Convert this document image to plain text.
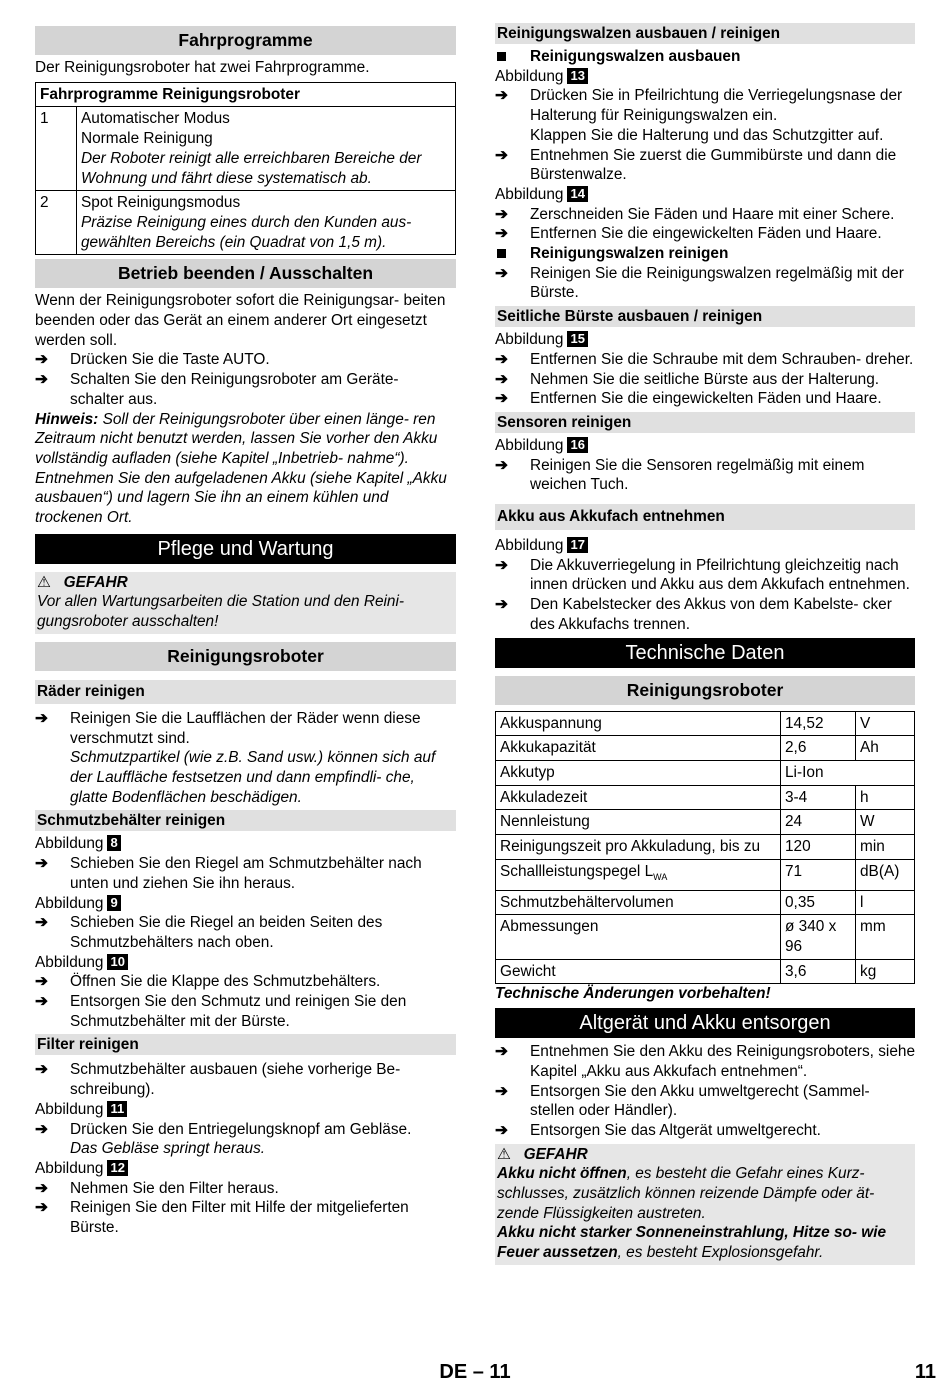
Fahrprogramme

Der Reinigungsroboter hat zwei Fahrprogramme.

Fahrprogramme Reinigungsroboter	
1	Automatischer Modus
Normale Reinigung
Der Roboter reinigt alle erreichbaren Bereiche der Wohnung und fährt diese systematisch ab.

2	Spot Reinigungsmodus
Präzise Reinigung eines durch den Kunden aus- gewählten Bereichs (ein Quadrat von 1,5 m).
Betrieb beenden / Ausschalten

Wenn der Reinigungsroboter sofort die Reinigungsar- beiten beenden oder das Gerät an einem anderer Ort eingesetzt werden soll.

➔ Drücken Sie die Taste AUTO.
➔ Schalten Sie den Reinigungsroboter am Geräte- schalter aus.

Hinweis: Soll der Reinigungsroboter über einen länge- ren Zeitraum nicht benutzt werden, lassen Sie vorher den Akku vollständig aufladen (siehe Kapitel „Inbetrieb- nahme“).

Entnehmen Sie den aufgeladenen Akku (siehe Kapitel „Akku ausbauen“) und lagern Sie ihn an einem kühlen und trockenen Ort.

Pflege und Wartung
⚠ GEFAHR
Vor allen Wartungsarbeiten die Station und den Reini- gungsroboter ausschalten!
Reinigungsroboter
Räder reinigen
➔ Reinigen Sie die Laufflächen der Räder wenn diese verschmutzt sind.
Schmutzpartikel (wie z.B. Sand usw.) können sich auf der Lauffläche festsetzen und dann empfindli- che, glatte Bodenflächen beschädigen.
Schmutzbehälter reinigen
Abbildung 8
➔ Schieben Sie den Riegel am Schmutzbehälter nach unten und ziehen Sie ihn heraus.
Abbildung 9
➔ Schieben Sie die Riegel an beiden Seiten des Schmutzbehälters nach oben.
Abbildung 10
➔ Öffnen Sie die Klappe des Schmutzbehälters.
➔ Entsorgen Sie den Schmutz und reinigen Sie den Schmutzbehälter mit der Bürste.
Filter reinigen
➔ Schmutzbehälter ausbauen (siehe vorherige Be- schreibung).
Abbildung 11
➔ Drücken Sie den Entriegelungsknopf am Gebläse.
Das Gebläse springt heraus.
Abbildung 12
➔ Nehmen Sie den Filter heraus.
➔ Reinigen Sie den Filter mit Hilfe der mitgelieferten Bürste.
Reinigungswalzen ausbauen / reinigen
Reinigungswalzen ausbauen
Abbildung 13
➔ Drücken Sie in Pfeilrichtung die Verriegelungsnase der Halterung für Reinigungswalzen ein.
Klappen Sie die Halterung und das Schutzgitter auf.
➔ Entnehmen Sie zuerst die Gummibürste und dann die Bürstenwalze.
Abbildung 14
➔ Zerschneiden Sie Fäden und Haare mit einer Schere.
➔ Entfernen Sie die eingewickelten Fäden und Haare.
Reinigungswalzen reinigen
➔ Reinigen Sie die Reinigungswalzen regelmäßig mit der Bürste.
Seitliche Bürste ausbauen / reinigen
Abbildung 15
➔ Entfernen Sie die Schraube mit dem Schrauben- dreher.
➔ Nehmen Sie die seitliche Bürste aus der Halterung.
➔ Entfernen Sie die eingewickelten Fäden und Haare.
Sensoren reinigen
Abbildung 16
➔ Reinigen Sie die Sensoren regelmäßig mit einem weichen Tuch.
Akku aus Akkufach entnehmen
Abbildung 17
➔ Die Akkuverriegelung in Pfeilrichtung gleichzeitig nach innen drücken und Akku aus dem Akkufach entnehmen.
➔ Den Kabelstecker des Akkus von dem Kabelste- cker des Akkufachs trennen.
Technische Daten
Reinigungsroboter
Akkuspannung	14,52	V
Akkukapazität	2,6	Ah
Akkutyp	Li-Ion	
Akkuladezeit	3-4	h
Nennleistung	24	W
Reinigungszeit pro Akkuladung, bis zu	120	min
Schallleistungspegel $L_{WA}$	71	dB(A)
Schmutzbehältervolumen	0,35	l
Abmessungen	ø 340 x 96	mm
Gewicht	3,6	kg

Technische Änderungen vorbehalten!

Altgerät und Akku entsorgen
➔ Entnehmen Sie den Akku des Reinigungsroboters, siehe Kapitel „Akku aus Akkufach entnehmen“.
➔ Entsorgen Sie den Akku umweltgerecht (Sammel- stellen oder Händler).
➔ Entsorgen Sie das Altgerät umweltgerecht.
⚠ GEFAHR
Akku nicht öffnen, es besteht die Gefahr eines Kurz- schlusses, zusätzlich können reizende Dämpfe oder ät- zende Flüssigkeiten austreten.
Akku nicht starker Sonneneinstrahlung, Hitze so- wie Feuer aussetzen, es besteht Explosionsgefahr.
DE – 11	11
